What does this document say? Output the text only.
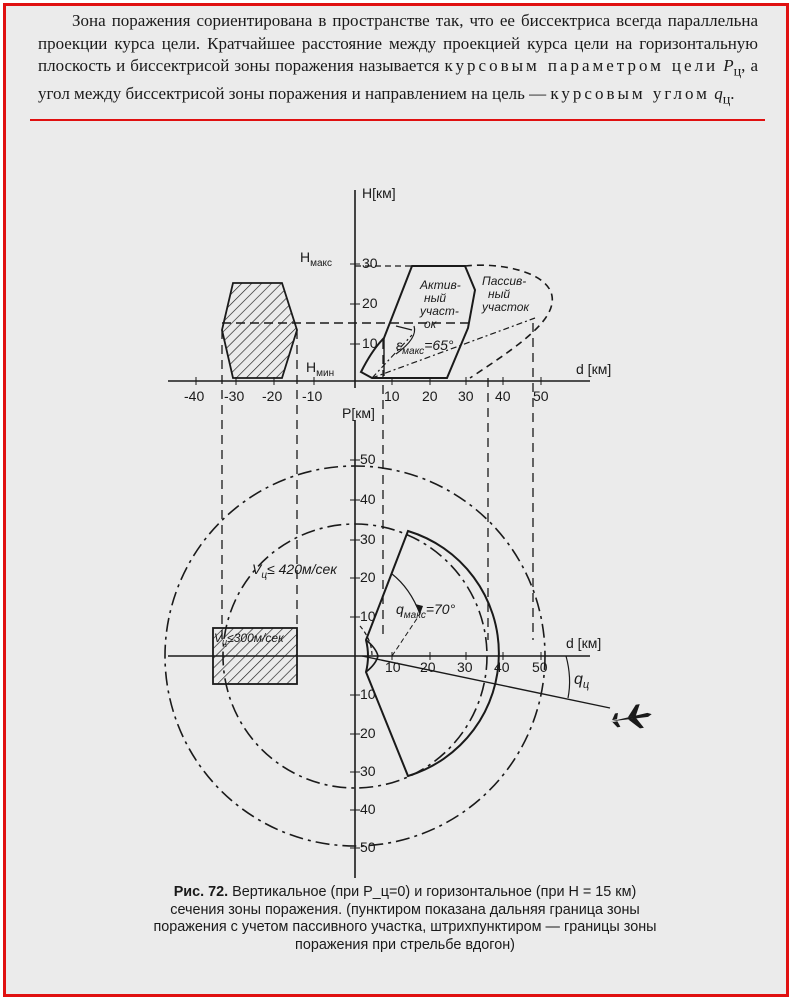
Зона поражения сориентирована в пространстве так, что ее биссектриса всегда параллельна проекции курса цели. Кратчайшее расстояние между проекцией курса цели на горизонтальную плоскость и биссектрисой зоны поражения называется курсовым параметром цели $P_ц$, а угол между биссектрисой зоны поражения и направлением на цель — курсовым углом $q_ц$.

H[км]
d [км]
$H_{макс}$
$H_{мин}$
30
20
10
-40 -30 -20 -10	10 20 30 40 50
Актив-
ный
участ-
ок
Пассив-
ный
участок
$\varepsilon_{макс}=65^\circ$
P[км]
d [км]
50
40
30
20
10
10
20
30
40
50
10 20 30 40 50
$V_ц\le 420м/сек$
$V_ц\le 300м$/сек
$q_{макс}=70^\circ$
$q_ц$
Рис. 72. Вертикальное (при P_ц=0) и горизонтальное (при H = 15 км) сечения зоны поражения. (пунктиром показана дальняя граница зоны поражения с учетом пассивного участка, штрихпунктиром — границы зоны поражения при стрельбе вдогон)
